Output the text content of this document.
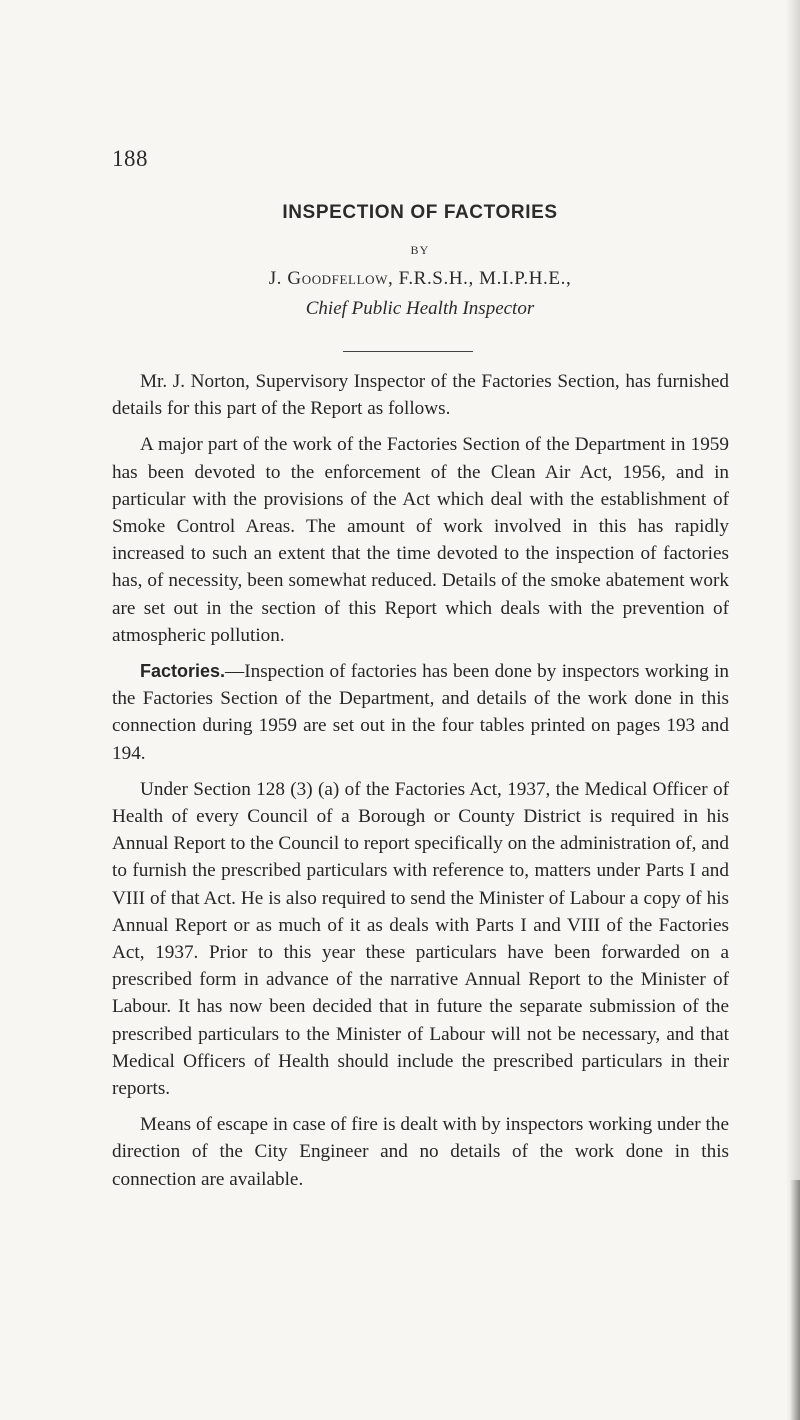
188
INSPECTION OF FACTORIES
BY
J. Goodfellow, F.R.S.H., M.I.P.H.E.,
Chief Public Health Inspector

Mr. J. Norton, Supervisory Inspector of the Factories Section, has furnished details for this part of the Report as follows.

A major part of the work of the Factories Section of the Department in 1959 has been devoted to the enforcement of the Clean Air Act, 1956, and in particular with the provisions of the Act which deal with the establishment of Smoke Control Areas. The amount of work involved in this has rapidly increased to such an extent that the time devoted to the inspection of factories has, of necessity, been somewhat reduced. Details of the smoke abatement work are set out in the section of this Report which deals with the prevention of atmospheric pollution.

Factories.—Inspection of factories has been done by inspectors working in the Factories Section of the Department, and details of the work done in this connection during 1959 are set out in the four tables printed on pages 193 and 194.

Under Section 128 (3) (a) of the Factories Act, 1937, the Medical Officer of Health of every Council of a Borough or County District is required in his Annual Report to the Council to report specifically on the administration of, and to furnish the prescribed particulars with reference to, matters under Parts I and VIII of that Act. He is also required to send the Minister of Labour a copy of his Annual Report or as much of it as deals with Parts I and VIII of the Factories Act, 1937. Prior to this year these particulars have been forwarded on a prescribed form in advance of the narrative Annual Report to the Minister of Labour. It has now been decided that in future the separate submission of the prescribed particulars to the Minister of Labour will not be necessary, and that Medical Officers of Health should include the prescribed particulars in their reports.

Means of escape in case of fire is dealt with by inspectors working under the direction of the City Engineer and no details of the work done in this connection are available.
